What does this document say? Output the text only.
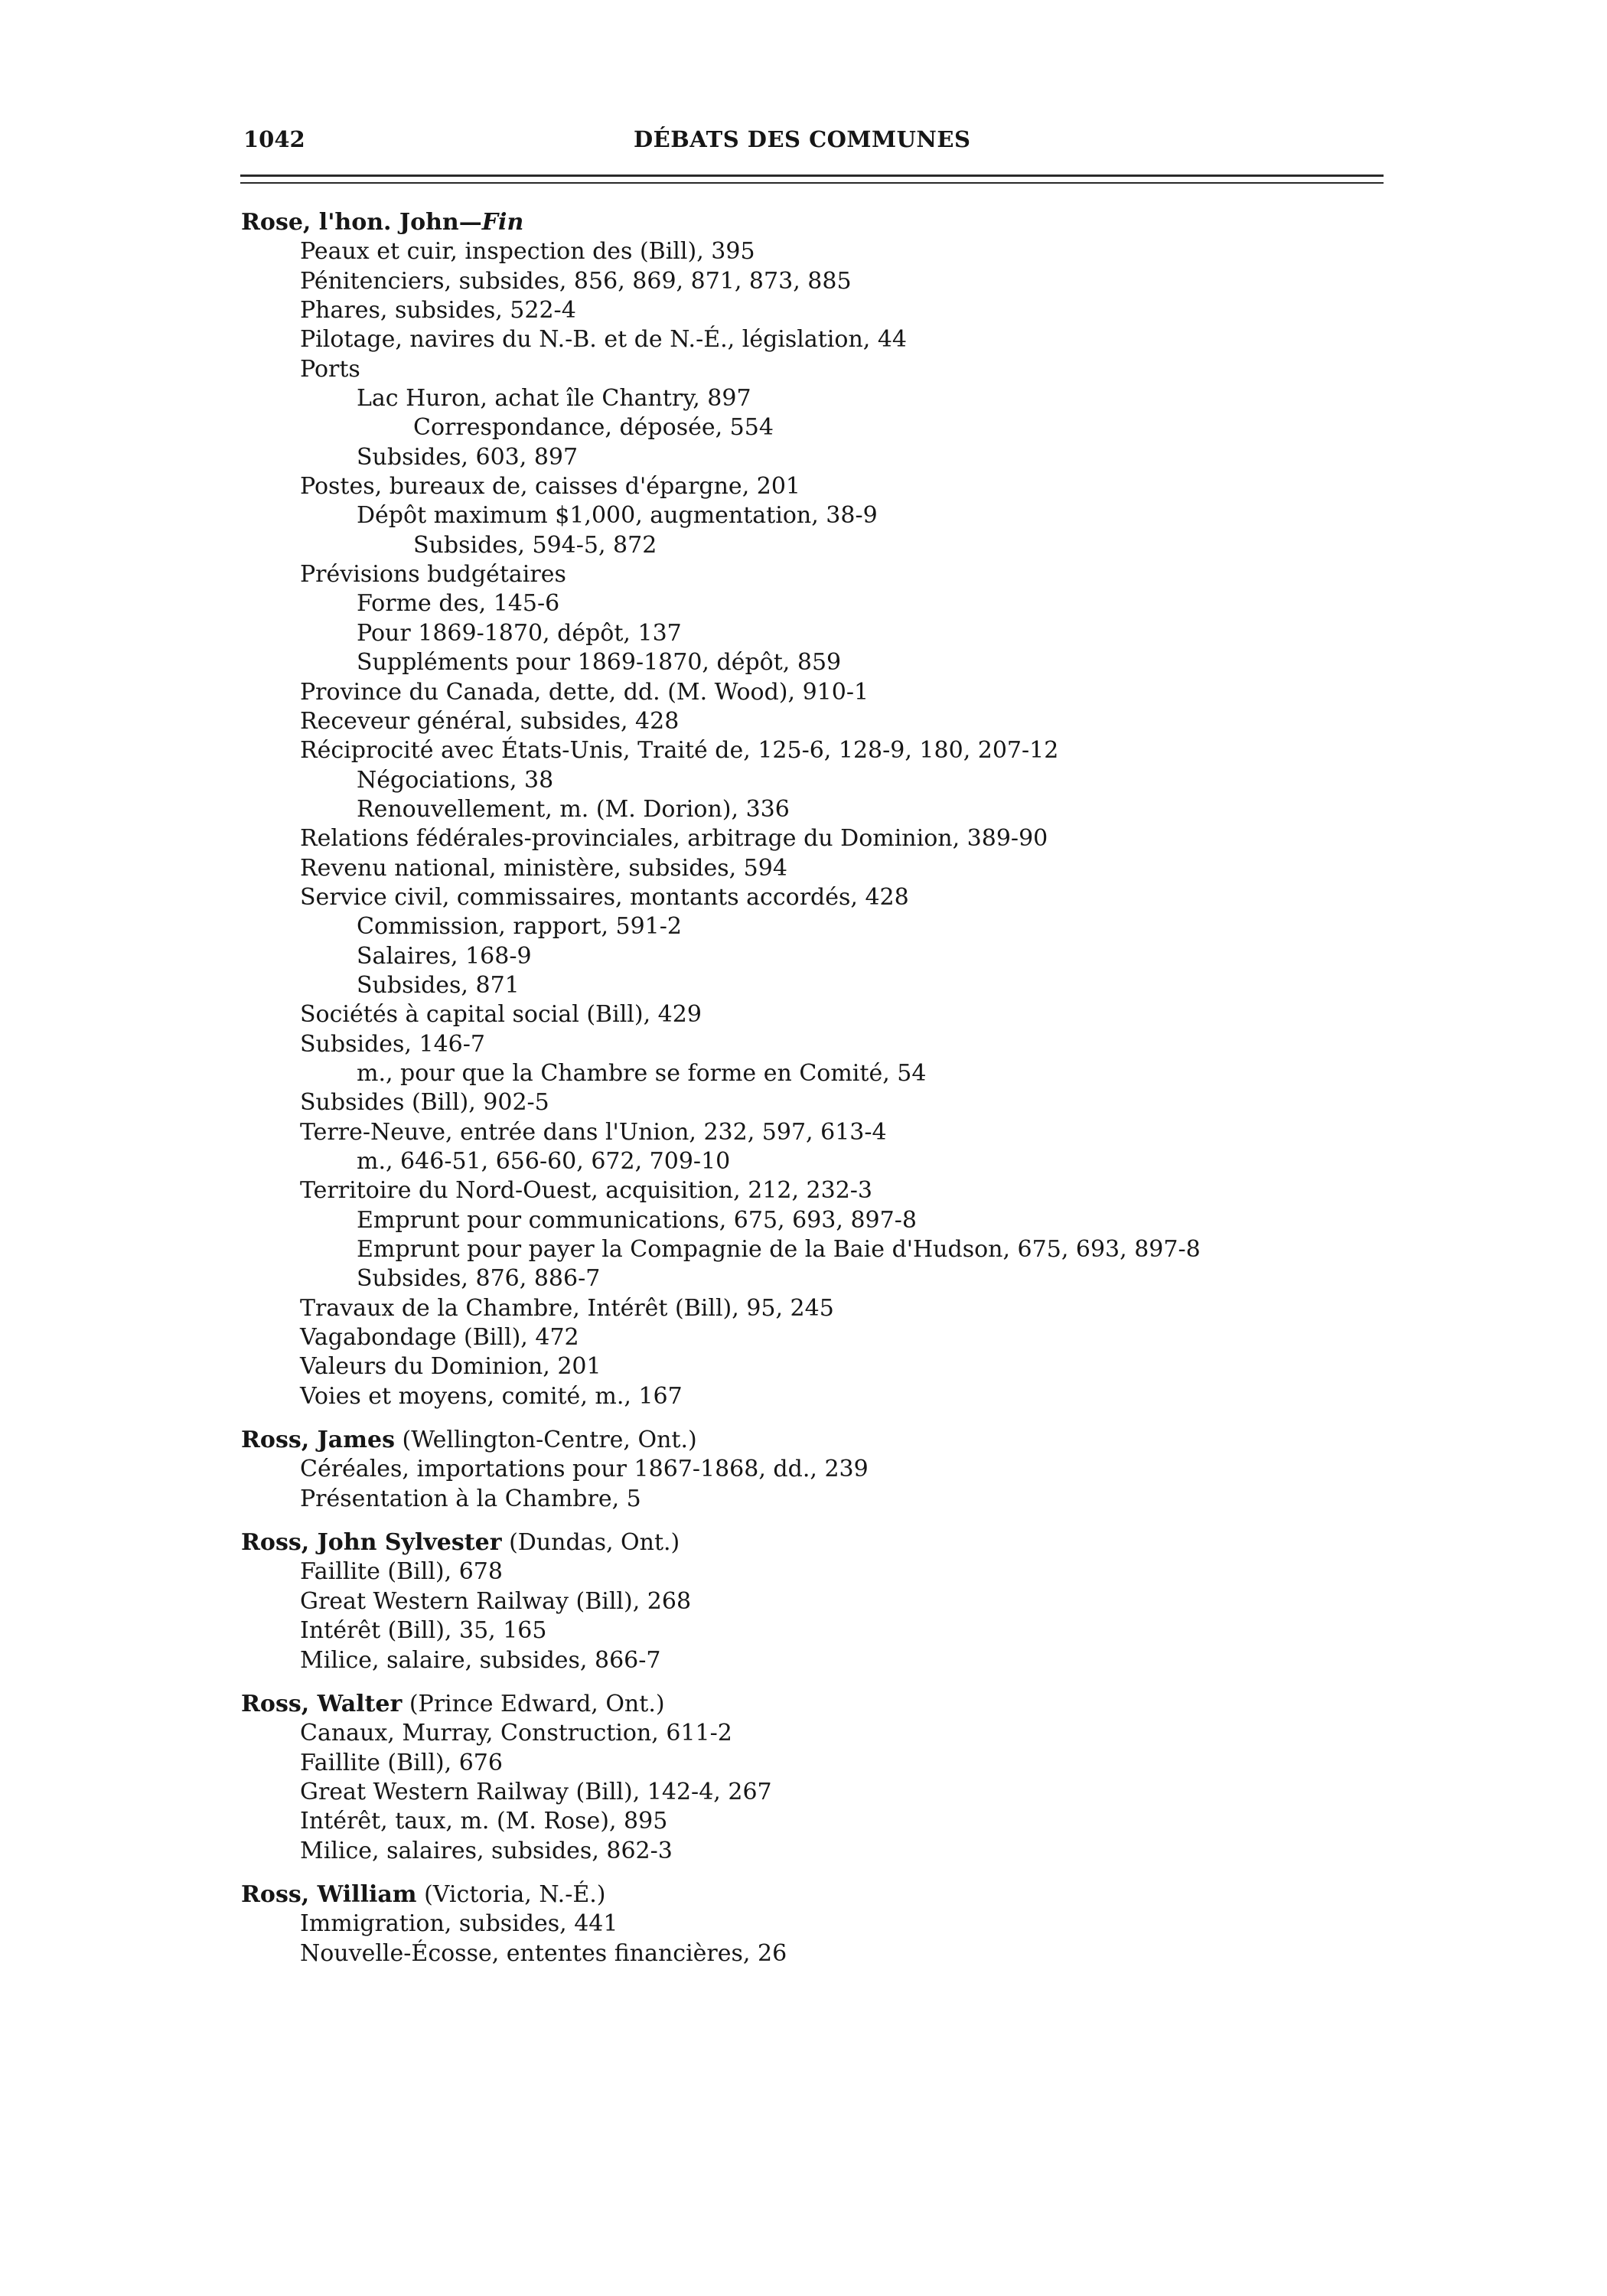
1042	DÉBATS DES COMMUNES
Rose, l'hon. John—Fin
Peaux et cuir, inspection des (Bill), 395
Pénitenciers, subsides, 856, 869, 871, 873, 885
Phares, subsides, 522-4
Pilotage, navires du N.-B. et de N.-É., législation, 44
Ports
Lac Huron, achat île Chantry, 897
Correspondance, déposée, 554
Subsides, 603, 897
Postes, bureaux de, caisses d'épargne, 201
Dépôt maximum $1,000, augmentation, 38-9
Subsides, 594-5, 872
Prévisions budgétaires
Forme des, 145-6
Pour 1869-1870, dépôt, 137
Suppléments pour 1869-1870, dépôt, 859
Province du Canada, dette, dd. (M. Wood), 910-1
Receveur général, subsides, 428
Réciprocité avec États-Unis, Traité de, 125-6, 128-9, 180, 207-12
Négociations, 38
Renouvellement, m. (M. Dorion), 336
Relations fédérales-provinciales, arbitrage du Dominion, 389-90
Revenu national, ministère, subsides, 594
Service civil, commissaires, montants accordés, 428
Commission, rapport, 591-2
Salaires, 168-9
Subsides, 871
Sociétés à capital social (Bill), 429
Subsides, 146-7
m., pour que la Chambre se forme en Comité, 54
Subsides (Bill), 902-5
Terre-Neuve, entrée dans l'Union, 232, 597, 613-4
m., 646-51, 656-60, 672, 709-10
Territoire du Nord-Ouest, acquisition, 212, 232-3
Emprunt pour communications, 675, 693, 897-8
Emprunt pour payer la Compagnie de la Baie d'Hudson, 675, 693, 897-8
Subsides, 876, 886-7
Travaux de la Chambre, Intérêt (Bill), 95, 245
Vagabondage (Bill), 472
Valeurs du Dominion, 201
Voies et moyens, comité, m., 167
Ross, James (Wellington-Centre, Ont.)
Céréales, importations pour 1867-1868, dd., 239
Présentation à la Chambre, 5
Ross, John Sylvester (Dundas, Ont.)
Faillite (Bill), 678
Great Western Railway (Bill), 268
Intérêt (Bill), 35, 165
Milice, salaire, subsides, 866-7
Ross, Walter (Prince Edward, Ont.)
Canaux, Murray, Construction, 611-2
Faillite (Bill), 676
Great Western Railway (Bill), 142-4, 267
Intérêt, taux, m. (M. Rose), 895
Milice, salaires, subsides, 862-3
Ross, William (Victoria, N.-É.)
Immigration, subsides, 441
Nouvelle-Écosse, ententes financières, 26
